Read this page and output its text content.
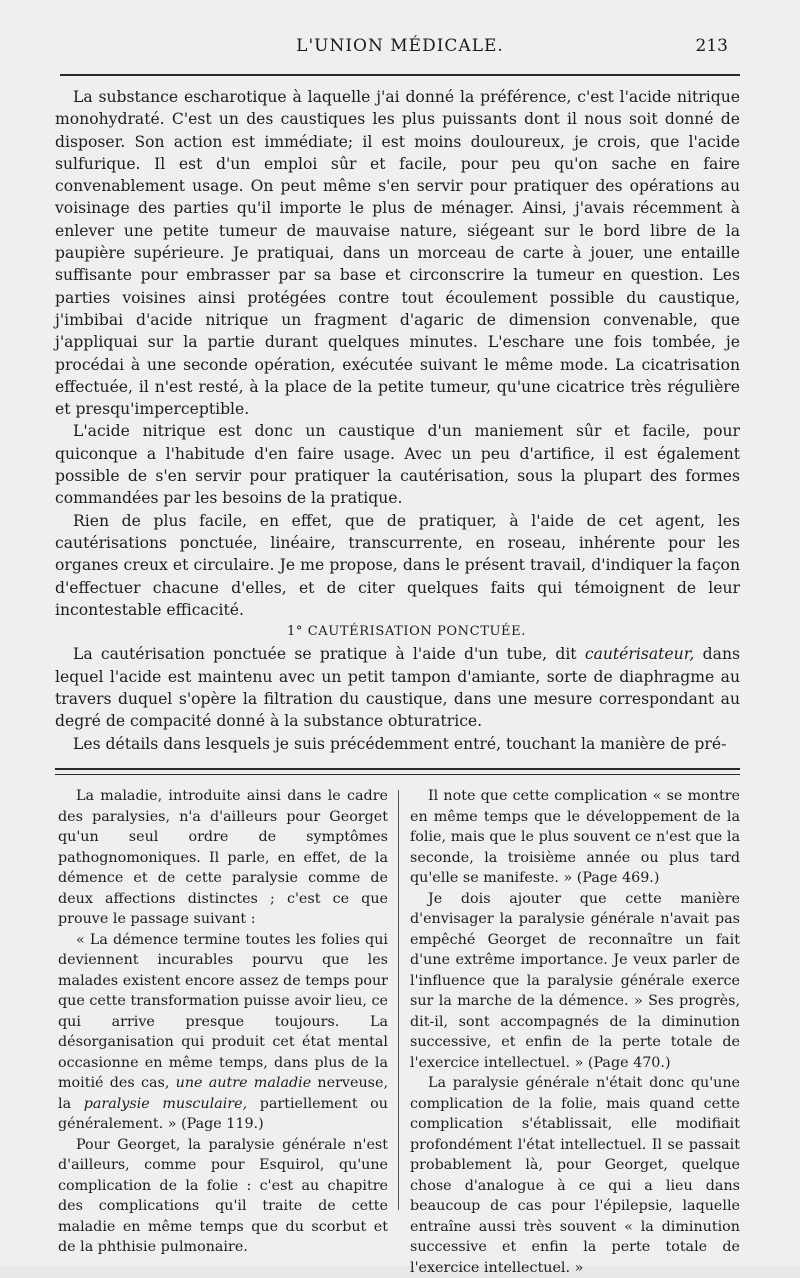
L'UNION MÉDICALE.	213

La substance escharotique à laquelle j'ai donné la préférence, c'est l'acide nitrique monohydraté. C'est un des caustiques les plus puissants dont il nous soit donné de disposer. Son action est immédiate; il est moins douloureux, je crois, que l'acide sulfurique. Il est d'un emploi sûr et facile, pour peu qu'on sache en faire convenablement usage. On peut même s'en servir pour pratiquer des opérations au voisinage des parties qu'il importe le plus de ménager. Ainsi, j'avais récemment à enlever une petite tumeur de mauvaise nature, siégeant sur le bord libre de la paupière supérieure. Je pratiquai, dans un morceau de carte à jouer, une entaille suffisante pour embrasser par sa base et circonscrire la tumeur en question. Les parties voisines ainsi protégées contre tout écoulement possible du caustique, j'imbibai d'acide nitrique un fragment d'agaric de dimension convenable, que j'appliquai sur la partie durant quelques minutes. L'eschare une fois tombée, je procédai à une seconde opération, exécutée suivant le même mode. La cicatrisation effectuée, il n'est resté, à la place de la petite tumeur, qu'une cicatrice très régulière et presqu'imperceptible.

L'acide nitrique est donc un caustique d'un maniement sûr et facile, pour quiconque a l'habitude d'en faire usage. Avec un peu d'artifice, il est également possible de s'en servir pour pratiquer la cautérisation, sous la plupart des formes commandées par les besoins de la pratique.

Rien de plus facile, en effet, que de pratiquer, à l'aide de cet agent, les cautérisations ponctuée, linéaire, transcurrente, en roseau, inhérente pour les organes creux et circulaire. Je me propose, dans le présent travail, d'indiquer la façon d'effectuer chacune d'elles, et de citer quelques faits qui témoignent de leur incontestable efficacité.

1° CAUTÉRISATION PONCTUÉE.

La cautérisation ponctuée se pratique à l'aide d'un tube, dit cautérisateur, dans lequel l'acide est maintenu avec un petit tampon d'amiante, sorte de diaphragme au travers duquel s'opère la filtration du caustique, dans une mesure correspondant au degré de compacité donné à la substance obturatrice.

Les détails dans lesquels je suis précédemment entré, touchant la manière de pré-

La maladie, introduite ainsi dans le cadre des paralysies, n'a d'ailleurs pour Georget qu'un seul ordre de symptômes pathognomoniques. Il parle, en effet, de la démence et de cette paralysie comme de deux affections distinctes ; c'est ce que prouve le passage suivant :

« La démence termine toutes les folies qui deviennent incurables pourvu que les malades existent encore assez de temps pour que cette transformation puisse avoir lieu, ce qui arrive presque toujours. La désorganisation qui produit cet état mental occasionne en même temps, dans plus de la moitié des cas, une autre maladie nerveuse, la paralysie musculaire, partiellement ou généralement. » (Page 119.)

Pour Georget, la paralysie générale n'est d'ailleurs, comme pour Esquirol, qu'une complication de la folie : c'est au chapitre des complications qu'il traite de cette maladie en même temps que du scorbut et de la phthisie pulmonaire.

Il note que cette complication « se montre en même temps que le développement de la folie, mais que le plus souvent ce n'est que la seconde, la troisième année ou plus tard qu'elle se manifeste. » (Page 469.)

Je dois ajouter que cette manière d'envisager la paralysie générale n'avait pas empêché Georget de reconnaître un fait d'une extrême importance. Je veux parler de l'influence que la paralysie générale exerce sur la marche de la démence. » Ses progrès, dit-il, sont accompagnés de la diminution successive, et enfin de la perte totale de l'exercice intellectuel. » (Page 470.)

La paralysie générale n'était donc qu'une complication de la folie, mais quand cette complication s'établissait, elle modifiait profondément l'état intellectuel. Il se passait probablement là, pour Georget, quelque chose d'analogue à ce qui a lieu dans beaucoup de cas pour l'épilepsie, laquelle entraîne aussi très souvent « la diminution successive et enfin la perte totale de l'exercice intellectuel. »
